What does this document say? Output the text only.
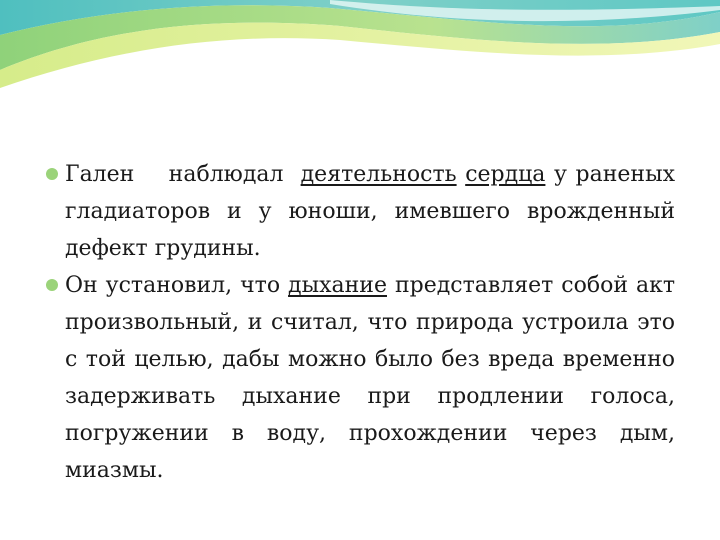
Гален    наблюдал  деятельность сердца у раненых гладиаторов и у юноши, имевшего врожденный дефект грудины.

Он установил, что дыхание представляет собой акт произвольный, и считал, что природа устроила это с той целью, дабы можно было без вреда временно задерживать дыхание при продлении голоса, погружении в воду, прохождении через дым, миазмы.
